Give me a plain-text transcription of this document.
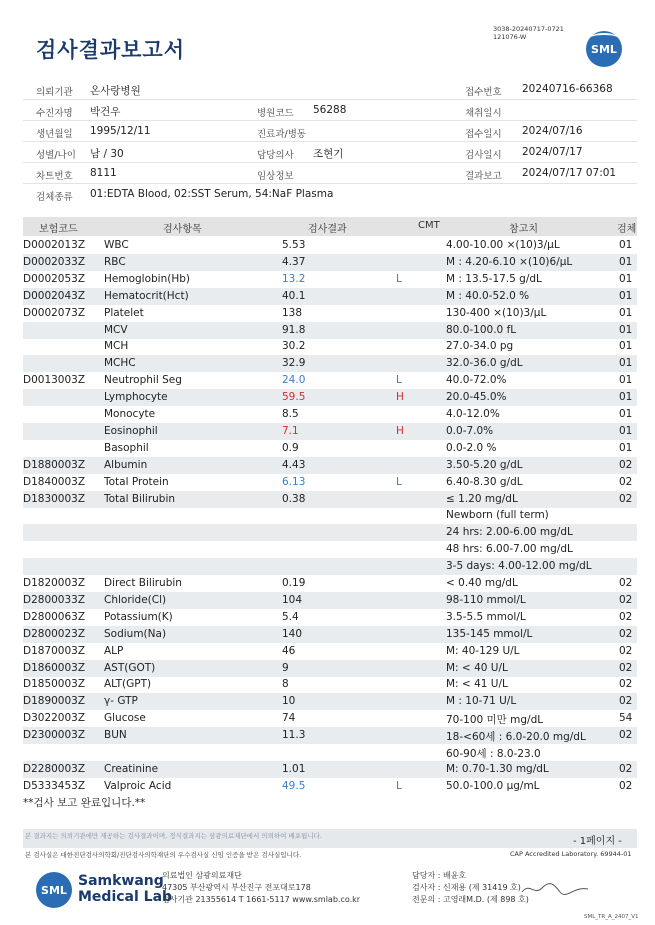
검사결과보고서
3038-20240717-0721
121076-W
SML
의뢰기관 온사랑병원	접수번호 20240716-66368
수진자명 박건우	병원코드 56288	채취일시
생년월일 1995/12/11	진료과/병동	접수일시 2024/07/16
성별/나이 남 / 30	담당의사 조현기	검사일시 2024/07/17
차트번호 8111	임상정보	결과보고 2024/07/17 07:01
검체종류 01:EDTA Blood, 02:SST Serum, 54:NaF Plasma
보험코드	검사항목	검사결과	CMT	참고치	검체
D0002013Z WBC	5.53	4.00-10.00 ×(10)3/μL	01
D0002033Z RBC	4.37	M : 4.20-6.10 ×(10)6/μL	01
D0002053Z Hemoglobin(Hb)	13.2	L	M : 13.5-17.5 g/dL	01
D0002043Z Hematocrit(Hct)	40.1	M : 40.0-52.0 %	01
D0002073Z Platelet	138	130-400 ×(10)3/μL	01
MCV	91.8	80.0-100.0 fL	01
MCH	30.2	27.0-34.0 pg	01
MCHC	32.9	32.0-36.0 g/dL	01
D0013003Z Neutrophil Seg	24.0	L	40.0-72.0%	01
Lymphocyte	59.5	H	20.0-45.0%	01
Monocyte	8.5	4.0-12.0%	01
Eosinophil	7.1	H	0.0-7.0%	01
Basophil	0.9	0.0-2.0 %	01
D1880003Z Albumin	4.43	3.50-5.20 g/dL	02
D1840003Z Total Protein	6.13	L	6.40-8.30 g/dL	02
D1830003Z Total Bilirubin	0.38	≤ 1.20 mg/dL	02
Newborn (full term)
24 hrs: 2.00-6.00 mg/dL
48 hrs: 6.00-7.00 mg/dL
3-5 days: 4.00-12.00 mg/dL
D1820003Z Direct Bilirubin	0.19	< 0.40 mg/dL	02
D2800033Z Chloride(Cl)	104	98-110 mmol/L	02
D2800063Z Potassium(K)	5.4	3.5-5.5 mmol/L	02
D2800023Z Sodium(Na)	140	135-145 mmol/L	02
D1870003Z ALP	46	M: 40-129 U/L	02
D1860003Z AST(GOT)	9	M: < 40 U/L	02
D1850003Z ALT(GPT)	8	M: < 41 U/L	02
D1890003Z γ- GTP	10	M : 10-71 U/L	02
D3022003Z Glucose	74	70-100 미만 mg/dL	54
D2300003Z BUN	11.3	18-<60세 : 6.0-20.0 mg/dL	02
60-90세 : 8.0-23.0
D2280003Z Creatinine	1.01	M: 0.70-1.30 mg/dL	02
D5333453Z Valproic Acid	49.5	L	50.0-100.0 μg/mL	02
**검사 보고 완료입니다.**
본 결과지는 의뢰기관에만 제공하는 검사결과이며, 정식결과지는 삼광의료재단에서 의뢰하여 배포됩니다.	- 1페이지 -
본 검사실은 대한진단검사의학회/진단검사의학재단의 우수검사실 신임 인증을 받은 검사실입니다.	CAP Accredited Laboratory. 69944-01
SML
Samkwang
Medical Lab
의료법인 삼광의료재단
47305 부산광역시 부산진구 전포대로178
검사기관 21355614 T 1661-5117 www.smlab.co.kr
담당자 : 배윤호
검사자 : 신재용 (제 31419 호)
전문의 : 고영래M.D. (제 898 호)
SML_TR_A_2407_V1
